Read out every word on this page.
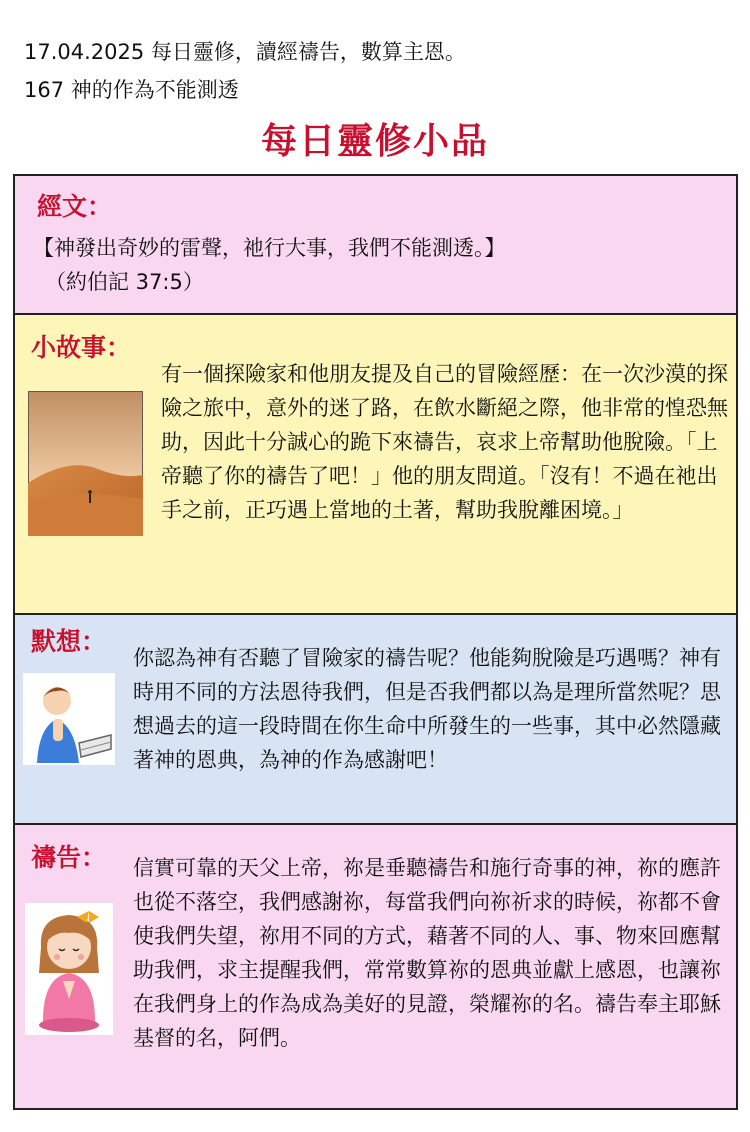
17.04.2025 每日靈修，讀經禱告，數算主恩。
167 神的作為不能測透
每日靈修小品
經文：
【神發出奇妙的雷聲，祂行大事，我們不能測透。】
（約伯記 37:5）
小故事：
有一個探險家和他朋友提及自己的冒險經歷：在一次沙漠的探險之旅中，意外的迷了路，在飲水斷絕之際，他非常的惶恐無助，因此十分誠心的跪下來禱告，哀求上帝幫助他脫險。「上帝聽了你的禱告了吧！」他的朋友問道。「沒有！不過在祂出手之前，正巧遇上當地的土著，幫助我脫離困境。」
默想：
你認為神有否聽了冒險家的禱告呢？他能夠脫險是巧遇嗎？神有時用不同的方法恩待我們，但是否我們都以為是理所當然呢？思想過去的這一段時間在你生命中所發生的一些事，其中必然隱藏著神的恩典，為神的作為感謝吧！
禱告： 信實可靠的天父上帝，祢是垂聽禱告和施行奇事的神，祢的應許也從不落空，我們感謝祢，每當我們向祢祈求的時候，祢都不會使我們失望，祢用不同的方式，藉著不同的人、事、物來回應幫助我們，求主提醒我們，常常數算祢的恩典並獻上感恩，也讓祢在我們身上的作為成為美好的見證，榮耀祢的名。禱告奉主耶穌基督的名，阿們。
